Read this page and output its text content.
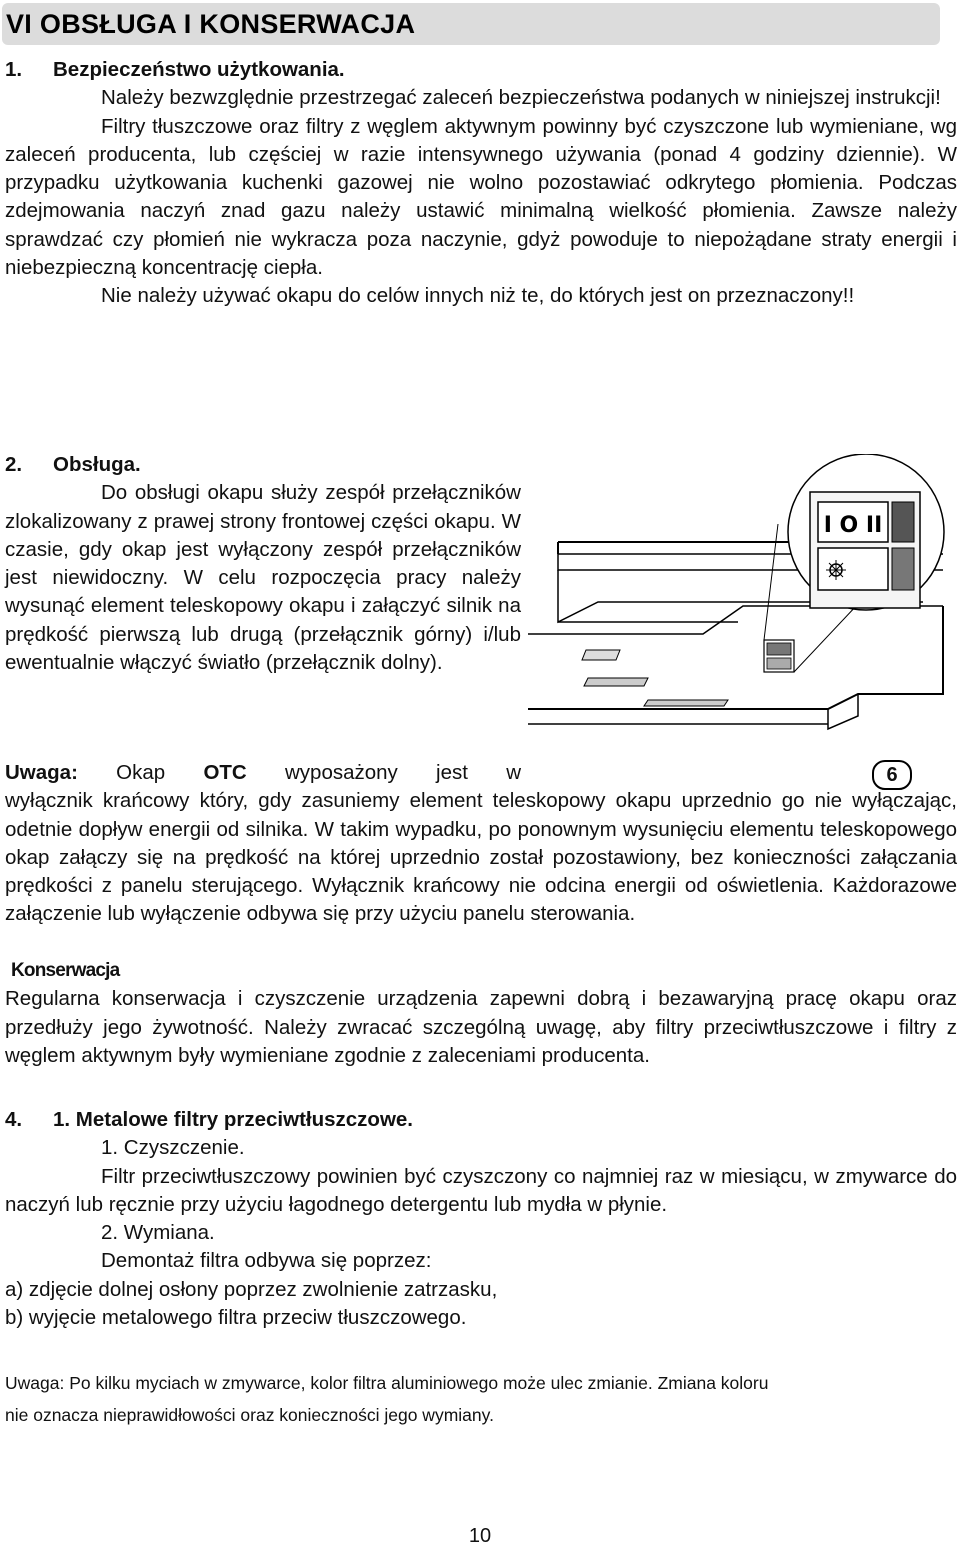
VI OBSŁUGA I KONSERWACJA

1. Bezpieczeństwo użytkowania.

Należy bezwzględnie przestrzegać zaleceń bezpieczeństwa podanych w niniejszej instrukcji!

Filtry tłuszczowe oraz filtry z węglem aktywnym powinny być czyszczone lub wymieniane, wg zaleceń producenta, lub częściej w razie intensywnego używania (ponad 4 godziny dziennie). W przypadku użytkowania kuchenki gazowej nie wolno pozostawiać odkrytego płomienia. Podczas zdejmowania naczyń znad gazu należy ustawić minimalną wielkość płomienia. Zawsze należy sprawdzać czy płomień nie wykracza poza naczynie, gdyż powoduje to niepożądane straty energii i niebezpieczną koncentrację ciepła.

Nie należy używać okapu do celów innych niż te, do których jest on przeznaczony!!

2. Obsługa.

Do obsługi okapu służy zespół przełączników zlokalizowany z prawej strony frontowej części okapu. W czasie, gdy okap jest wyłączony zespół przełączników jest niewidoczny. W celu rozpoczęcia pracy należy wysunąć element teleskopowy okapu i załączyć silnik na prędkość pierwszą lub drugą (przełącznik górny) i/lub ewentualnie włączyć światło (przełącznik dolny).

I O II
6

Uwaga: Okap OTC wyposażony jest w

wyłącznik krańcowy który, gdy zasuniemy element teleskopowy okapu uprzednio go nie wyłączając, odetnie dopływ energii od silnika. W takim wypadku, po ponownym wysunięciu elementu teleskopowego okap załączy się na prędkość na której uprzednio został pozostawiony, bez konieczności załączania prędkości z panelu sterującego. Wyłącznik krańcowy nie odcina energii od oświetlenia. Każdorazowe załączenie lub wyłączenie odbywa się przy użyciu panelu sterowania.

Konserwacja

Regularna konserwacja i czyszczenie urządzenia zapewni dobrą i bezawaryjną pracę okapu oraz przedłuży jego żywotność. Należy zwracać szczególną uwagę, aby filtry przeciwtłuszczowe i filtry z węglem aktywnym były wymieniane zgodnie z zaleceniami producenta.

4. 1. Metalowe filtry przeciwtłuszczowe.

1. Czyszczenie.

Filtr przeciwtłuszczowy powinien być czyszczony co najmniej raz w miesiącu, w zmywarce do naczyń lub ręcznie przy użyciu łagodnego detergentu lub mydła w płynie.

2. Wymiana.

Demontaż filtra odbywa się poprzez:

a) zdjęcie dolnej osłony poprzez zwolnienie zatrzasku,

b) wyjęcie metalowego filtra przeciw tłuszczowego.

Uwaga: Po kilku myciach w zmywarce, kolor filtra aluminiowego może ulec zmianie. Zmiana koloru

nie oznacza nieprawidłowości oraz konieczności jego wymiany.

10
